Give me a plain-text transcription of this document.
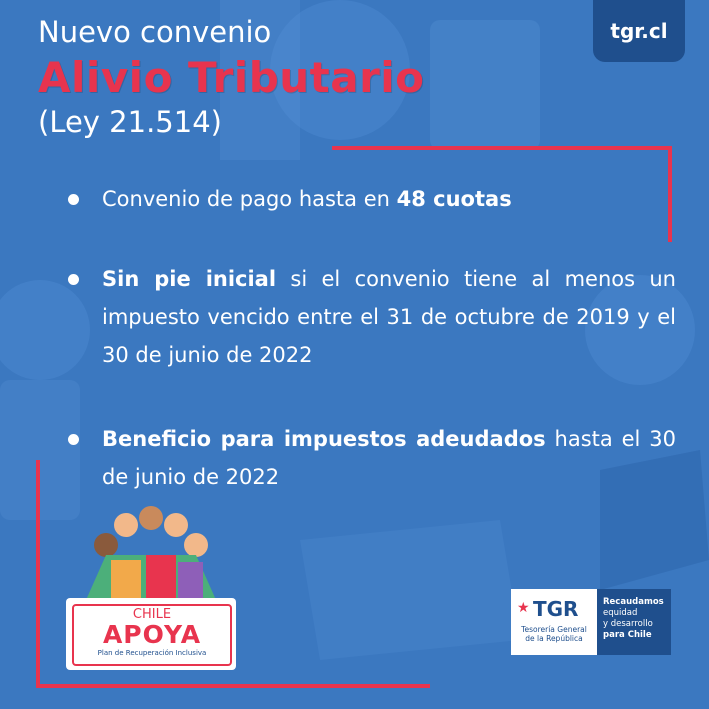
Nuevo convenio
Alivio Tributario
(Ley 21.514)
tgr.cl
Convenio de pago hasta en 48 cuotas
Sin pie inicial si el convenio tiene al menos un impuesto vencido entre el 31 de octubre de 2019 y el 30 de junio de 2022
Beneficio para impuestos adeudados hasta el 30 de junio de 2022
CHILE
APOYA
Plan de Recuperación Inclusiva
★ TGR
Tesorería General
de la República
Recaudamos
equidad
y desarrollo
para Chile
